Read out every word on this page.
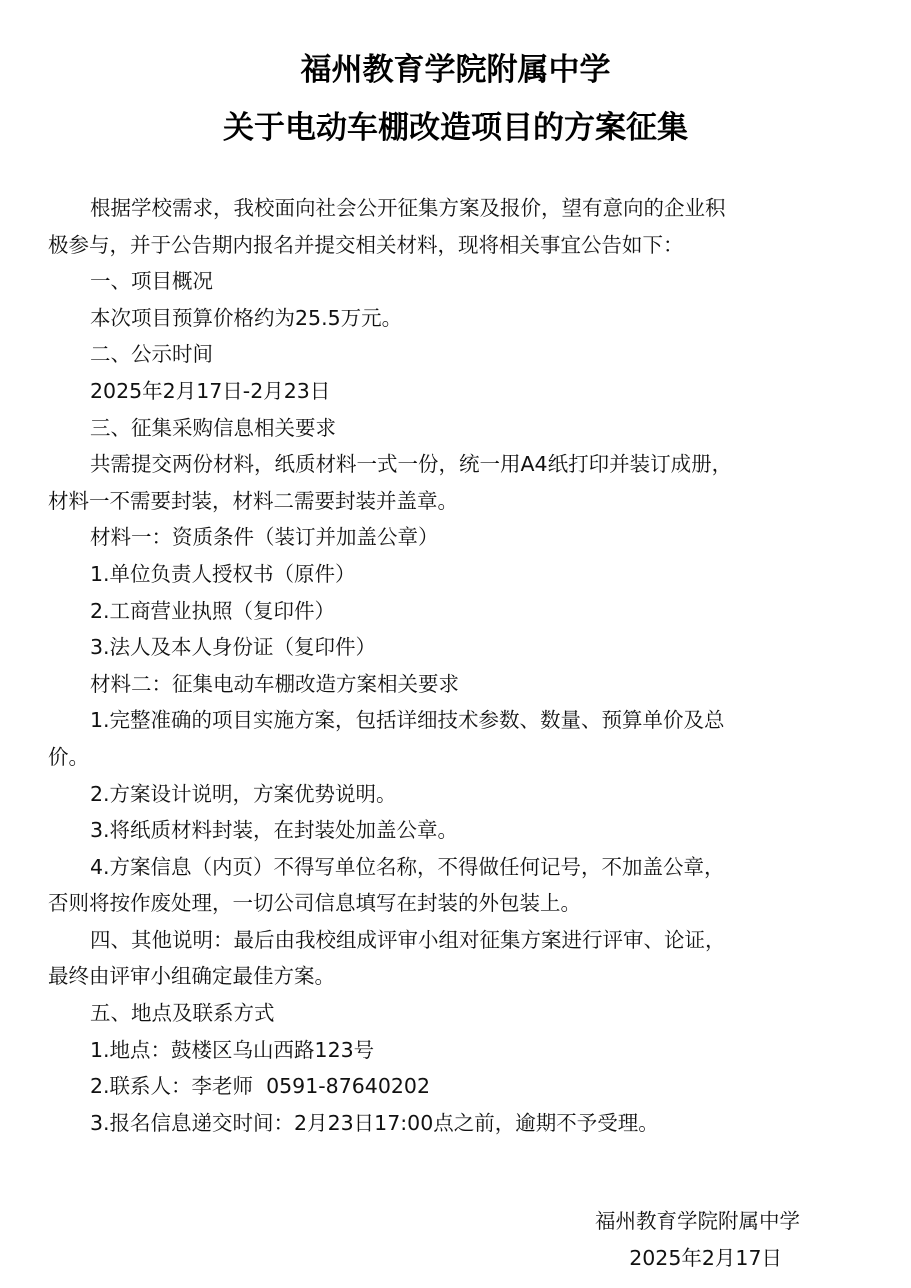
福州教育学院附属中学
关于电动车棚改造项目的方案征集

根据学校需求，我校面向社会公开征集方案及报价，望有意向的企业积

极参与，并于公告期内报名并提交相关材料，现将相关事宜公告如下：

一、项目概况

本次项目预算价格约为25.5万元。

二、公示时间

2025年2月17日-2月23日

三、征集采购信息相关要求

共需提交两份材料，纸质材料一式一份，统一用A4纸打印并装订成册，

材料一不需要封装，材料二需要封装并盖章。

材料一：资质条件（装订并加盖公章）

1.单位负责人授权书（原件）

2.工商营业执照（复印件）

3.法人及本人身份证（复印件）

材料二：征集电动车棚改造方案相关要求

1.完整准确的项目实施方案，包括详细技术参数、数量、预算单价及总

价。

2.方案设计说明，方案优势说明。

3.将纸质材料封装，在封装处加盖公章。

4.方案信息（内页）不得写单位名称，不得做任何记号，不加盖公章，

否则将按作废处理，一切公司信息填写在封装的外包装上。

四、其他说明：最后由我校组成评审小组对征集方案进行评审、论证，

最终由评审小组确定最佳方案。

五、地点及联系方式

1.地点：鼓楼区乌山西路123号

2.联系人：李老师  0591-87640202

3.报名信息递交时间：2月23日17:00点之前，逾期不予受理。

福州教育学院附属中学
2025年2月17日
